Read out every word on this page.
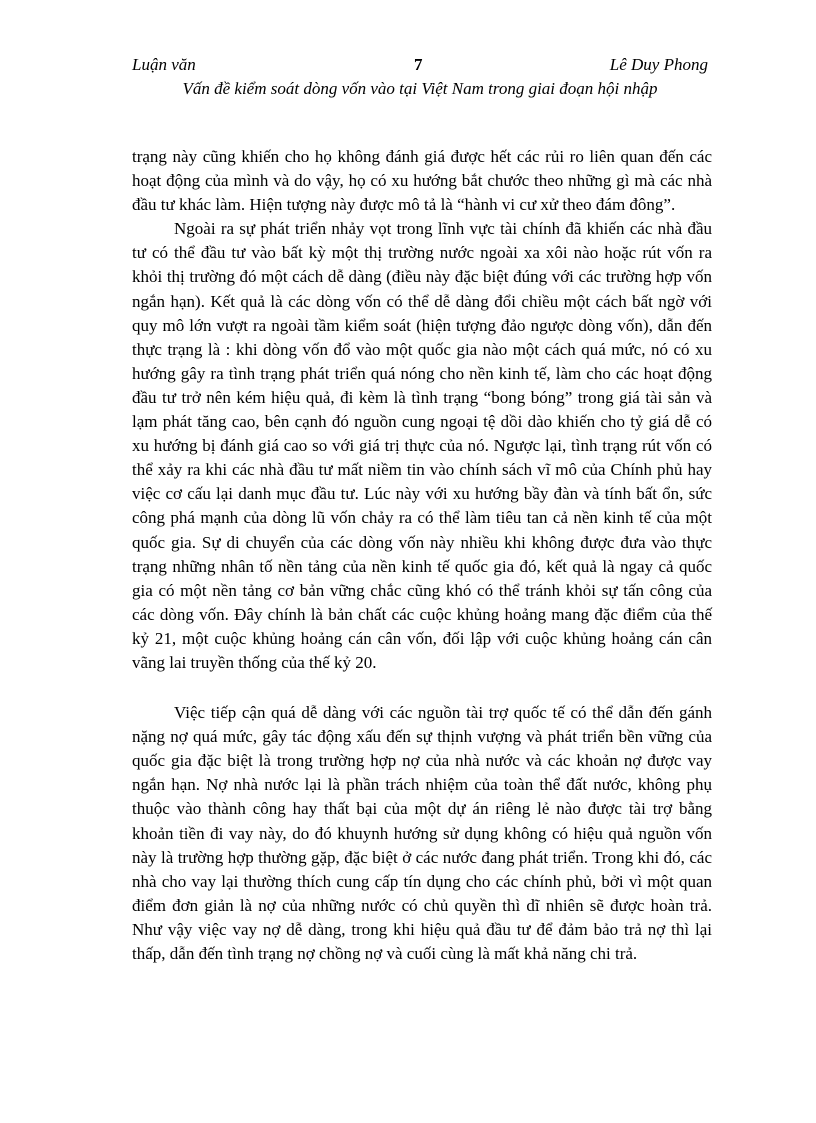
Luận văn	7	Lê Duy Phong
Vấn đề kiểm soát dòng vốn vào tại Việt Nam trong giai đoạn hội nhập

trạng này cũng khiến cho họ không đánh giá được hết các rủi ro liên quan đến các hoạt động của mình và do vậy, họ có xu hướng bắt chước theo những gì mà các nhà đầu tư khác làm. Hiện tượng này được mô tả là “hành vi cư xử theo đám đông”.

Ngoài ra sự phát triển nhảy vọt trong lĩnh vực tài chính đã khiến các nhà đầu tư có thể đầu tư vào bất kỳ một thị trường nước ngoài xa xôi nào hoặc rút vốn ra khỏi thị trường đó một cách dễ dàng (điều này đặc biệt đúng với các trường hợp vốn ngắn hạn). Kết quả là các dòng vốn có thể dễ dàng đổi chiều một cách bất ngờ với quy mô lớn vượt ra ngoài tầm kiểm soát (hiện tượng đảo ngược dòng vốn), dẫn đến thực trạng là : khi dòng vốn đổ vào một quốc gia nào một cách quá mức, nó có xu hướng gây ra tình trạng phát triển quá nóng cho nền kinh tế, làm cho các hoạt động đầu tư trở nên kém hiệu quả, đi kèm là tình trạng “bong bóng” trong giá tài sản và lạm phát tăng cao, bên cạnh đó nguồn cung ngoại tệ dồi dào khiến cho tỷ giá dễ có xu hướng bị đánh giá cao so với giá trị thực của nó. Ngược lại, tình trạng rút vốn có thể xảy ra khi các nhà đầu tư mất niềm tin vào chính sách vĩ mô của Chính phủ hay việc cơ cấu lại danh mục đầu tư. Lúc này với xu hướng bầy đàn và tính bất ổn, sức công phá mạnh của dòng lũ vốn chảy ra có thể làm tiêu tan cả nền kinh tế của một quốc gia. Sự di chuyển của các dòng vốn này nhiều khi không được đưa vào thực trạng những nhân tố nền tảng của nền kinh tế quốc gia đó, kết quả là ngay cả quốc gia có một nền tảng cơ bản vững chắc cũng khó có thể tránh khỏi sự tấn công của các dòng vốn. Đây chính là bản chất các cuộc khủng hoảng mang đặc điểm của thế kỷ 21, một cuộc khủng hoảng cán cân vốn, đối lập với cuộc khủng hoảng cán cân vãng lai truyền thống của thế kỷ 20.

Việc tiếp cận quá dễ dàng với các nguồn tài trợ quốc tế có thể dẫn đến gánh nặng nợ quá mức, gây tác động xấu đến sự thịnh vượng và phát triển bền vững của quốc gia đặc biệt là trong trường hợp nợ của nhà nước và các khoản nợ được vay ngắn hạn. Nợ nhà nước lại là phần trách nhiệm của toàn thể đất nước, không phụ thuộc vào thành công hay thất bại của một dự án riêng lẻ nào được tài trợ bằng khoản tiền đi vay này, do đó khuynh hướng sử dụng không có hiệu quả nguồn vốn này là trường hợp thường gặp, đặc biệt ở các nước đang phát triển. Trong khi đó, các nhà cho vay lại thường thích cung cấp tín dụng cho các chính phủ, bởi vì một quan điểm đơn giản là nợ của những nước có chủ quyền thì dĩ nhiên sẽ được hoàn trả. Như vậy việc vay nợ dễ dàng, trong khi hiệu quả đầu tư để đảm bảo trả nợ thì lại thấp, dẫn đến tình trạng nợ chồng nợ và cuối cùng là mất khả năng chi trả.
